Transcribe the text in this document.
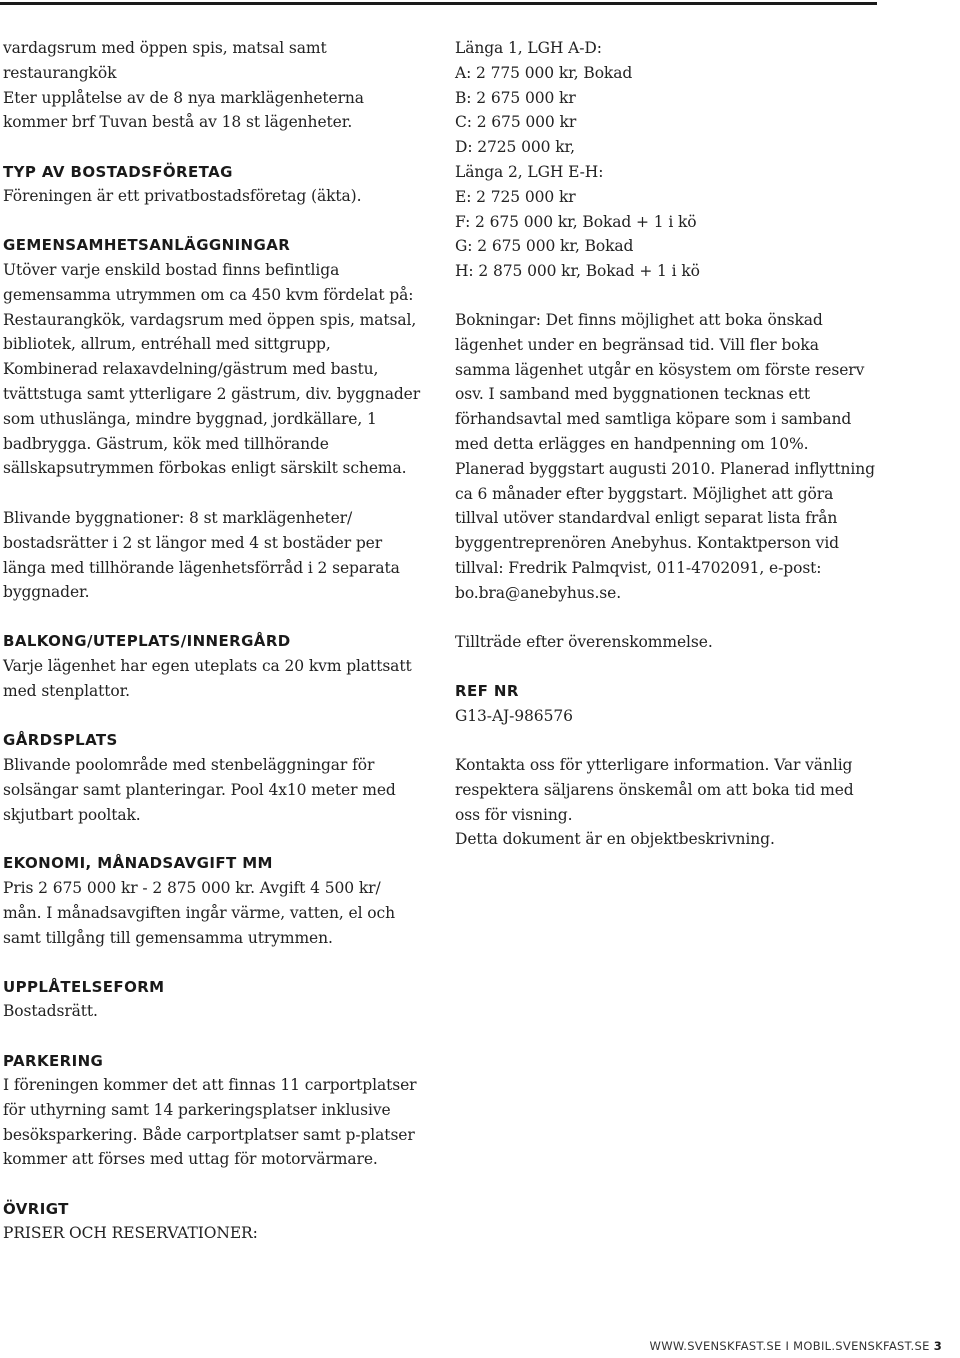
vardagsrum med öppen spis, matsal samt
restaurangkök
Eter upplåtelse av de 8 nya marklägenheterna
kommer brf Tuvan bestå av 18 st lägenheter.
TYP AV BOSTADSFÖRETAG
Föreningen är ett privatbostadsföretag (äkta).
GEMENSAMHETSANLÄGGNINGAR
Utöver varje enskild bostad finns befintliga
gemensamma utrymmen om ca 450 kvm fördelat på:
Restaurangkök, vardagsrum med öppen spis, matsal,
bibliotek, allrum, entréhall med sittgrupp,
Kombinerad relaxavdelning/gästrum med bastu,
tvättstuga samt ytterligare 2 gästrum, div. byggnader
som uthuslänga, mindre byggnad, jordkällare, 1
badbrygga. Gästrum, kök med tillhörande
sällskapsutrymmen förbokas enligt särskilt schema.
Blivande byggnationer: 8 st marklägenheter/
bostadsrätter i 2 st längor med 4 st bostäder per
länga med tillhörande lägenhetsförråd i 2 separata
byggnader.
BALKONG/UTEPLATS/INNERGÅRD
Varje lägenhet har egen uteplats ca 20 kvm plattsatt
med stenplattor.
GÅRDSPLATS
Blivande poolområde med stenbeläggningar för
solsängar samt planteringar. Pool 4x10 meter med
skjutbart pooltak.
EKONOMI, MÅNADSAVGIFT MM
Pris 2 675 000 kr - 2 875 000 kr. Avgift 4 500 kr/
mån. I månadsavgiften ingår värme, vatten, el och
samt tillgång till gemensamma utrymmen.
UPPLÅTELSEFORM
Bostadsrätt.
PARKERING
I föreningen kommer det att finnas 11 carportplatser
för uthyrning samt 14 parkeringsplatser inklusive
besöksparkering. Både carportplatser samt p-platser
kommer att förses med uttag för motorvärmare.
ÖVRIGT
PRISER OCH RESERVATIONER:
Länga 1, LGH A-D:
A: 2 775 000 kr, Bokad
B: 2 675 000 kr
C: 2 675 000 kr
D: 2725 000 kr,
Länga 2, LGH E-H:
E: 2 725 000 kr
F: 2 675 000 kr, Bokad + 1 i kö
G: 2 675 000 kr, Bokad
H: 2 875 000 kr, Bokad + 1 i kö
Bokningar: Det finns möjlighet att boka önskad
lägenhet under en begränsad tid. Vill fler boka
samma lägenhet utgår en kösystem om förste reserv
osv. I samband med byggnationen tecknas ett
förhandsavtal med samtliga köpare som i samband
med detta erlägges en handpenning om 10%.
Planerad byggstart augusti 2010. Planerad inflyttning
ca 6 månader efter byggstart. Möjlighet att göra
tillval utöver standardval enligt separat lista från
byggentreprenören Anebyhus. Kontaktperson vid
tillval: Fredrik Palmqvist, 011-4702091, e-post:
bo.bra@anebyhus.se.
Tillträde efter överenskommelse.
REF NR
G13-AJ-986576
Kontakta oss för ytterligare information. Var vänlig
respektera säljarens önskemål om att boka tid med
oss för visning.
Detta dokument är en objektbeskrivning.
WWW.SVENSKFAST.SE I MOBIL.SVENSKFAST.SE 3
